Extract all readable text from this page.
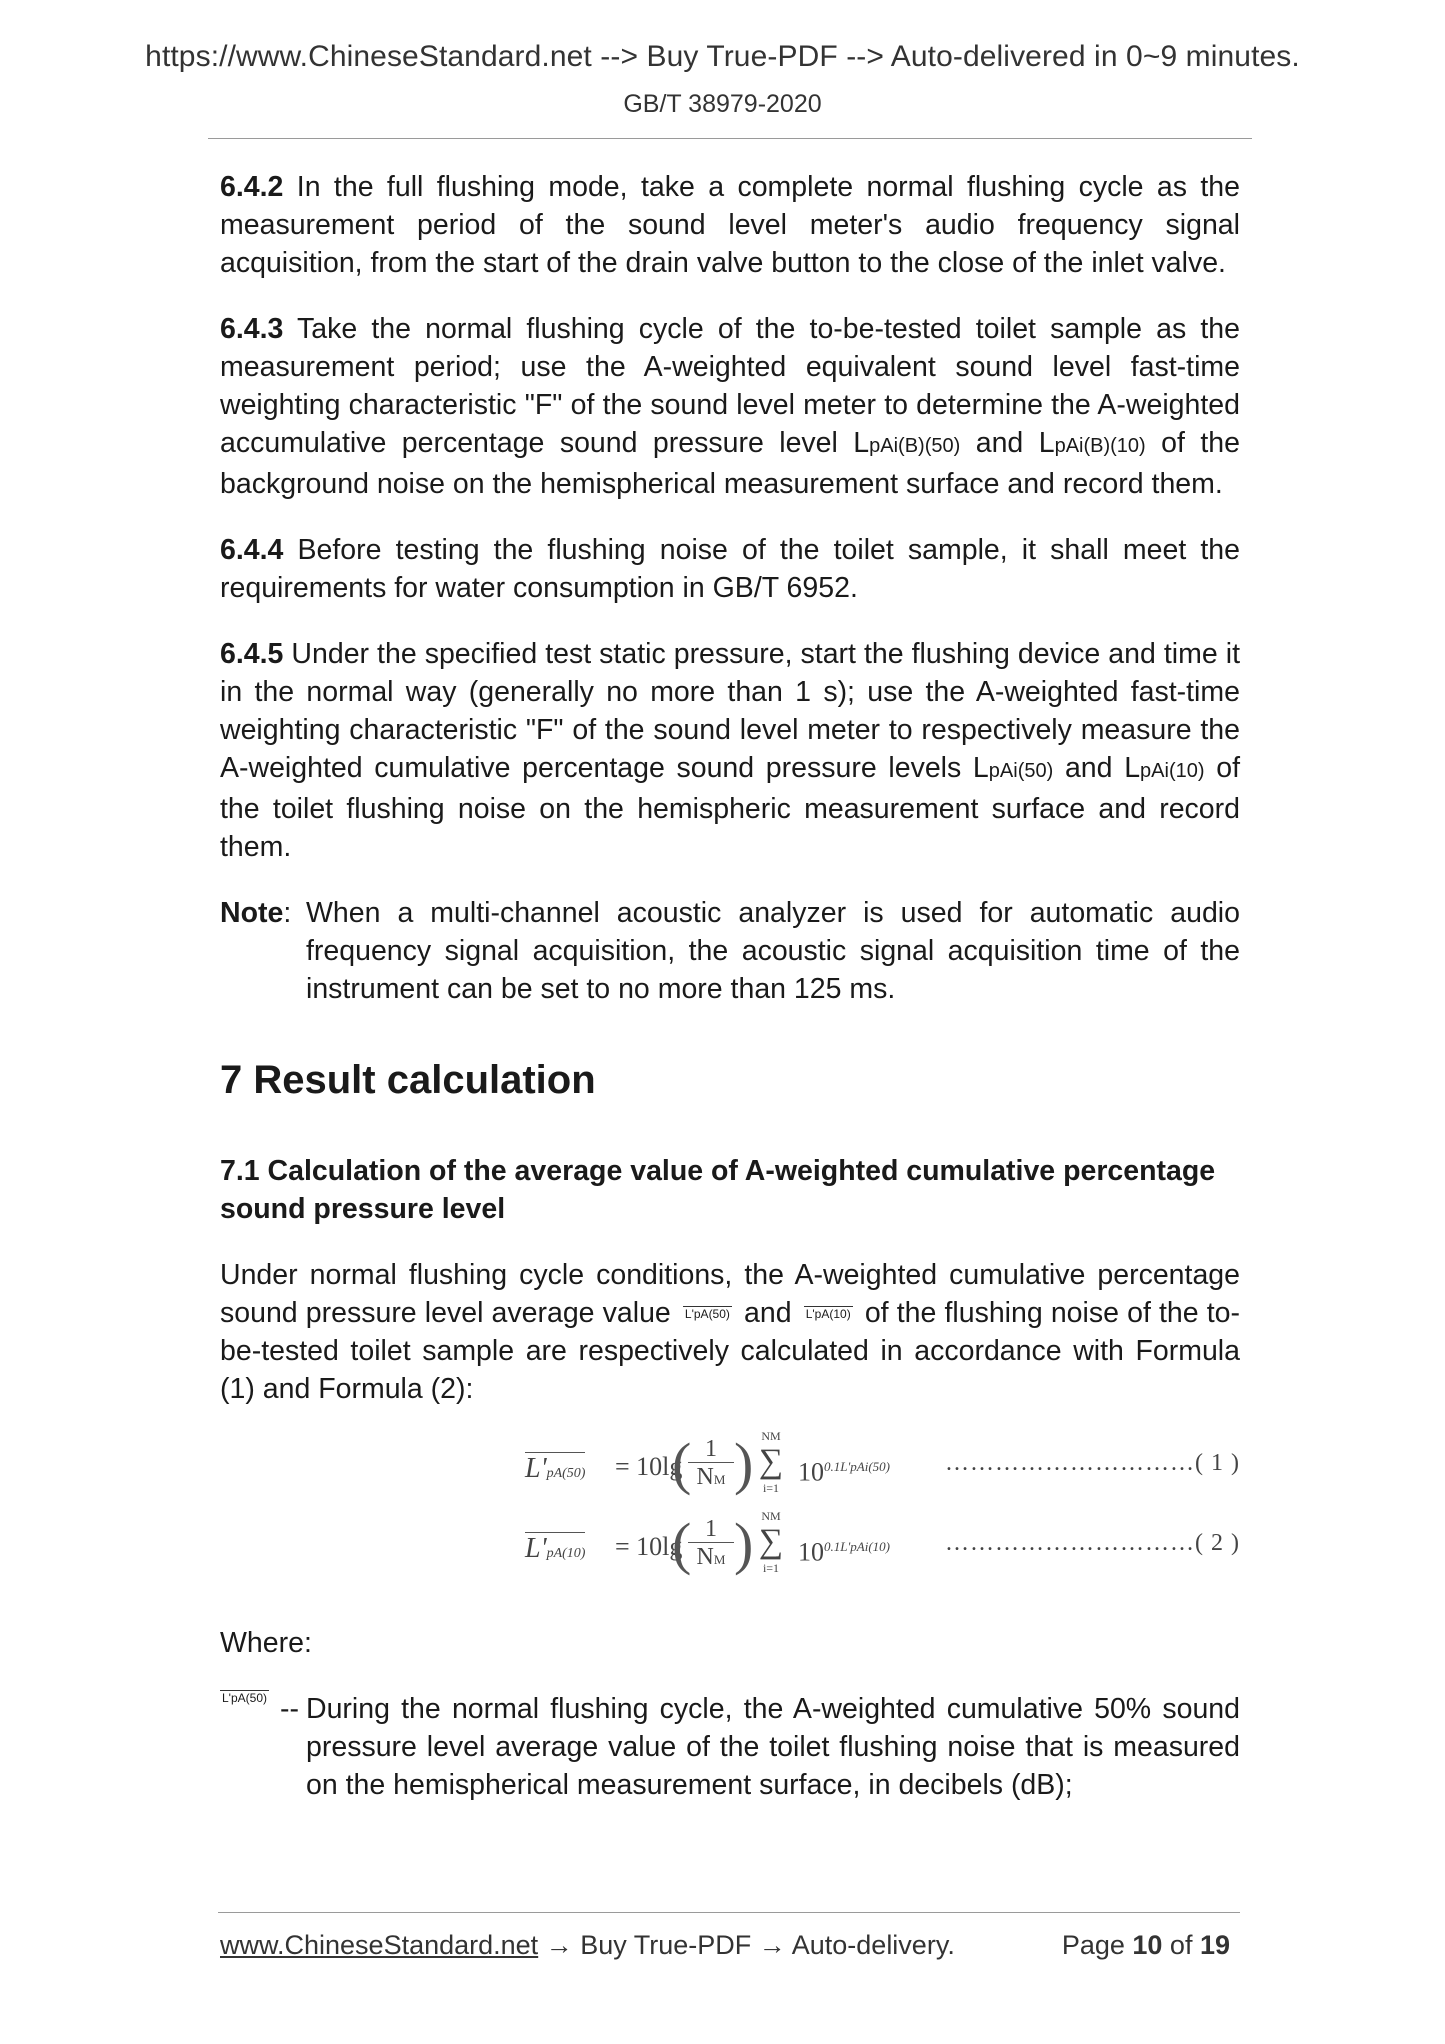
https://www.ChineseStandard.net --> Buy True-PDF --> Auto-delivered in 0~9 minutes.
GB/T 38979-2020

6.4.2 In the full flushing mode, take a complete normal flushing cycle as the measurement period of the sound level meter's audio frequency signal acquisition, from the start of the drain valve button to the close of the inlet valve.

6.4.3 Take the normal flushing cycle of the to-be-tested toilet sample as the measurement period; use the A-weighted equivalent sound level fast-time weighting characteristic "F" of the sound level meter to determine the A-weighted accumulative percentage sound pressure level LpAi(B)(50) and LpAi(B)(10) of the background noise on the hemispherical measurement surface and record them.

6.4.4 Before testing the flushing noise of the toilet sample, it shall meet the requirements for water consumption in GB/T 6952.

6.4.5 Under the specified test static pressure, start the flushing device and time it in the normal way (generally no more than 1 s); use the A-weighted fast-time weighting characteristic "F" of the sound level meter to respectively measure the A-weighted cumulative percentage sound pressure levels LpAi(50) and LpAi(10) of the toilet flushing noise on the hemispheric measurement surface and record them.

Note: When a multi-channel acoustic analyzer is used for automatic audio frequency signal acquisition, the acoustic signal acquisition time of the instrument can be set to no more than 125 ms.

7 Result calculation
7.1 Calculation of the average value of A-weighted cumulative percentage sound pressure level

Under normal flushing cycle conditions, the A-weighted cumulative percentage sound pressure level average value L'pA(50) and L'pA(10) of the flushing noise of the to-be-tested toilet sample are respectively calculated in accordance with Formula (1) and Formula (2):

L'pA(50) = 10lg
(
$\frac{1}{NM}$ ) NM
∑
i=1
$10^{0.1L'pAi(50)}$ …………………………( 1 )
L'pA(10) = 10lg
(
$\frac{1}{NM}$ ) NM
∑
i=1
$10^{0.1L'pAi(10)}$ …………………………( 2 )

Where:

L'pA(50) -- During the normal flushing cycle, the A-weighted cumulative 50% sound pressure level average value of the toilet flushing noise that is measured on the hemispherical measurement surface, in decibels (dB);

www.ChineseStandard.net → Buy True-PDF → Auto-delivery.	Page 10 of 19
